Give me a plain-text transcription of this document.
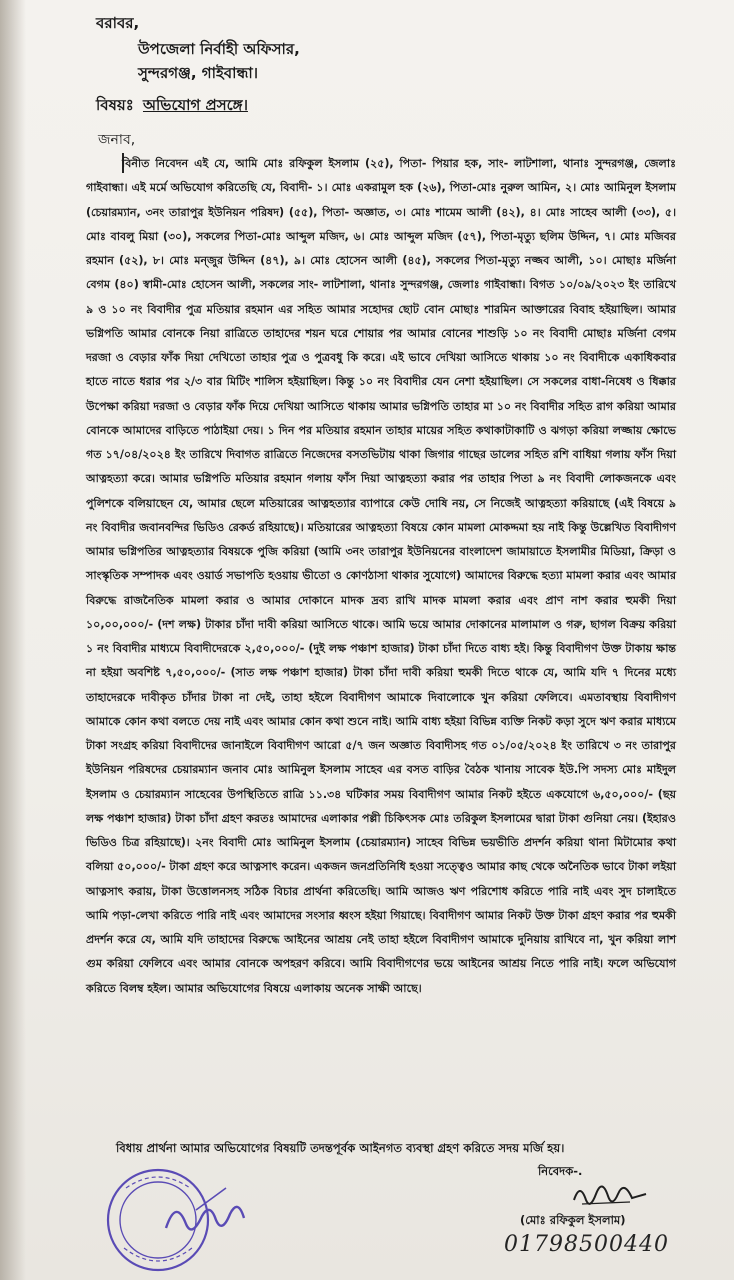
বরাবর,
উপজেলা নির্বাহী অফিসার,
সুন্দরগঞ্জ, গাইবান্ধা।
বিষয়ঃ অভিযোগ প্রসঙ্গে।
জনাব,
বিনীত নিবেদন এই যে, আমি মোঃ রফিকুল ইসলাম (২৫), পিতা- পিয়ার হক, সাং- লাটশালা, থানাঃ সুন্দরগঞ্জ, জেলাঃ গাইবান্ধা। এই মর্মে অভিযোগ করিতেছি যে, বিবাদী- ১। মোঃ একরামুল হক (২৬), পিতা-মোঃ নুরুল আমিন, ২। মোঃ আমিনুল ইসলাম (চেয়ারম্যান, ৩নং তারাপুর ইউনিয়ন পরিষদ) (৫৫), পিতা- অজ্ঞাত, ৩। মোঃ শামেম আলী (৪২), ৪। মোঃ সাহেব আলী (৩৩), ৫। মোঃ বাবলু মিয়া (৩০), সকলের পিতা-মোঃ আব্দুল মজিদ, ৬। মোঃ আব্দুল মজিদ (৫৭), পিতা-মৃত্যু ছলিম উদ্দিন, ৭। মোঃ মজিবর রহমান (৫২), ৮। মোঃ মন্জুর উদ্দিন (৪৭), ৯। মোঃ হোসেন আলী (৪৫), সকলের পিতা-মৃত্যু নজ্জব আলী, ১০। মোছাঃ মর্জিনা বেগম (৪০) স্বামী-মোঃ হোসেন আলী, সকলের সাং- লাটশালা, থানাঃ সুন্দরগঞ্জ, জেলাঃ গাইবান্ধা। বিগত ১০/০৯/২০২৩ ইং তারিখে ৯ ও ১০ নং বিবাদীর পুত্র মতিয়ার রহমান এর সহিত আমার সহোদর ছোট বোন মোছাঃ শারমিন আক্তারের বিবাহ হইয়াছিল। আমার ভগ্নিপতি আমার বোনকে নিয়া রাত্রিতে তাহাদের শয়ন ঘরে শোয়ার পর আমার বোনের শাশুড়ি ১০ নং বিবাদী মোছাঃ মর্জিনা বেগম দরজা ও বেড়ার ফাঁক দিয়া দেখিতো তাহার পুত্র ও পুত্রবধু কি করে। এই ভাবে দেখিয়া আসিতে থাকায় ১০ নং বিবাদীকে একাধিকবার হাতে নাতে ধরার পর ২/৩ বার মিটিং শালিস হইয়াছিল। কিন্তু ১০ নং বিবাদীর যেন নেশা হইয়াছিল। সে সকলের বাধা-নিষেধ ও ধিক্কার উপেক্ষা করিয়া দরজা ও বেড়ার ফাঁক দিয়ে দেখিয়া আসিতে থাকায় আমার ভগ্নিপতি তাহার মা ১০ নং বিবাদীর সহিত রাগ করিয়া আমার বোনকে আমাদের বাড়িতে পাঠাইয়া দেয়। ১ দিন পর মতিয়ার রহমান তাহার মায়ের সহিত কথাকাটাকাটি ও ঝগড়া করিয়া লজ্জায় ক্ষোভে গত ১৭/০৪/২০২৪ ইং তারিখে দিবাগত রাত্রিতে নিজেদের বসতভিটায় থাকা জিগার গাছের ডালের সহিত রশি বাধিয়া গলায় ফাঁস দিয়া আত্নহত্যা করে। আমার ভগ্নিপতি মতিয়ার রহমান গলায় ফাঁস দিয়া আত্নহত্যা করার পর তাহার পিতা ৯ নং বিবাদী লোকজনকে এবং পুলিশকে বলিয়াছেন যে, আমার ছেলে মতিয়ারের আত্নহত্যার ব্যাপারে কেউ দোষি নয়, সে নিজেই আত্নহত্যা করিয়াছে (এই বিষয়ে ৯ নং বিবাদীর জবানবন্দির ভিডিও রেকর্ড রহিয়াছে)। মতিয়ারের আত্নহত্যা বিষয়ে কোন মামলা মোকদ্দমা হয় নাই কিন্তু উল্লেখিত বিবাদীগণ আমার ভগ্নিপতির আত্নহত্যার বিষয়কে পুজি করিয়া (আমি ৩নং তারাপুর ইউনিয়নের বাংলাদেশ জামায়াতে ইসলামীর মিডিয়া, ক্রিড়া ও সাংস্কৃতিক সম্পাদক এবং ওয়ার্ড সভাপতি হওয়ায় ভীতো ও কোণঠাসা থাকার সুযোগে) আমাদের বিরুদ্ধে হত্যা মামলা করার এবং আমার বিরুদ্ধে রাজনৈতিক মামলা করার ও আমার দোকানে মাদক দ্রব্য রাখি মাদক মামলা করার এবং প্রাণ নাশ করার হুমকী দিয়া ১০,০০,০০০/- (দশ লক্ষ) টাকার চাঁদা দাবী করিয়া আসিতে থাকে। আমি ভয়ে আমার দোকানের মালামাল ও গরু, ছাগল বিক্রয় করিয়া ১ নং বিবাদীর মাধ্যমে বিবাদীদেরকে ২,৫০,০০০/- (দুই লক্ষ পঞ্চাশ হাজার) টাকা চাঁদা দিতে বাধ্য হই। কিন্তু বিবাদীগণ উক্ত টাকায় ক্ষান্ত না হইয়া অবশিষ্ট ৭,৫০,০০০/- (সাত লক্ষ পঞ্চাশ হাজার) টাকা চাঁদা দাবী করিয়া হুমকী দিতে থাকে যে, আমি যদি ৭ দিনের মধ্যে তাহাদেরকে দাবীকৃত চাঁদার টাকা না দেই, তাহা হইলে বিবাদীগণ আমাকে দিবালোকে খুন করিয়া ফেলিবে। এমতাবস্থায় বিবাদীগণ আমাকে কোন কথা বলতে দেয় নাই এবং আমার কোন কথা শুনে নাই। আমি বাধ্য হইয়া বিভিন্ন ব্যক্তি নিকট কড়া সুদে ঋণ করার মাধ্যমে টাকা সংগ্রহ করিয়া বিবাদীদের জানাইলে বিবাদীগণ আরো ৫/৭ জন অজ্ঞাত বিবাদীসহ গত ০১/০৫/২০২৪ ইং তারিখে ৩ নং তারাপুর ইউনিয়ন পরিষদের চেয়ারম্যান জনাব মোঃ আমিনুল ইসলাম সাহেব এর বসত বাড়ির বৈঠক খানায় সাবেক ইউ.পি সদস্য মোঃ মাইদুল ইসলাম ও চেয়ারম্যান সাহেবের উপস্থিতিতে রাত্রি ১১.৩৪ ঘটিকার সময় বিবাদীগণ আমার নিকট হইতে একযোগে ৬,৫০,০০০/- (ছয় লক্ষ পঞ্চাশ হাজার) টাকা চাঁদা গ্রহণ করতঃ আমাদের এলাকার পল্লী চিকিৎসক মোঃ তরিকুল ইসলামের দ্বারা টাকা গুনিয়া নেয়। (ইহারও ভিডিও চিত্র রহিয়াছে)। ২নং বিবাদী মোঃ আমিনুল ইসলাম (চেয়ারম্যান) সাহেব বিভিন্ন ভয়ভীতি প্রদর্শন করিয়া থানা মিটামোর কথা বলিয়া ৫০,০০০/- টাকা গ্রহণ করে আত্নসাৎ করেন। একজন জনপ্রতিনিধি হওয়া সত্ত্বেও আমার কাছ থেকে অনৈতিক ভাবে টাকা লইয়া আত্নসাৎ করায়, টাকা উত্তোলনসহ সঠিক বিচার প্রার্থনা করিতেছি। আমি আজও ঋণ পরিশোধ করিতে পারি নাই এবং সুদ চালাইতে আমি পড়া-লেখা করিতে পারি নাই এবং আমাদের সংসার ধ্বংস হইয়া গিয়াছে। বিবাদীগণ আমার নিকট উক্ত টাকা গ্রহণ করার পর হুমকী প্রদর্শন করে যে, আমি যদি তাহাদের বিরুদ্ধে আইনের আশ্রয় নেই তাহা হইলে বিবাদীগণ আমাকে দুনিয়ায় রাখিবে না, খুন করিয়া লাশ গুম করিয়া ফেলিবে এবং আমার বোনকে অপহরণ করিবে। আমি বিবাদীগণের ভয়ে আইনের আশ্রয় নিতে পারি নাই। ফলে অভিযোগ করিতে বিলম্ব হইল। আমার অভিযোগের বিষয়ে এলাকায় অনেক সাক্ষী আছে।
বিধায় প্রার্থনা আমার অভিযোগের বিষয়টি তদন্তপূর্বক আইনগত ব্যবস্থা গ্রহণ করিতে সদয় মর্জি হয়।
নিবেদক-.
(মোঃ রফিকুল ইসলাম)
01798500440
